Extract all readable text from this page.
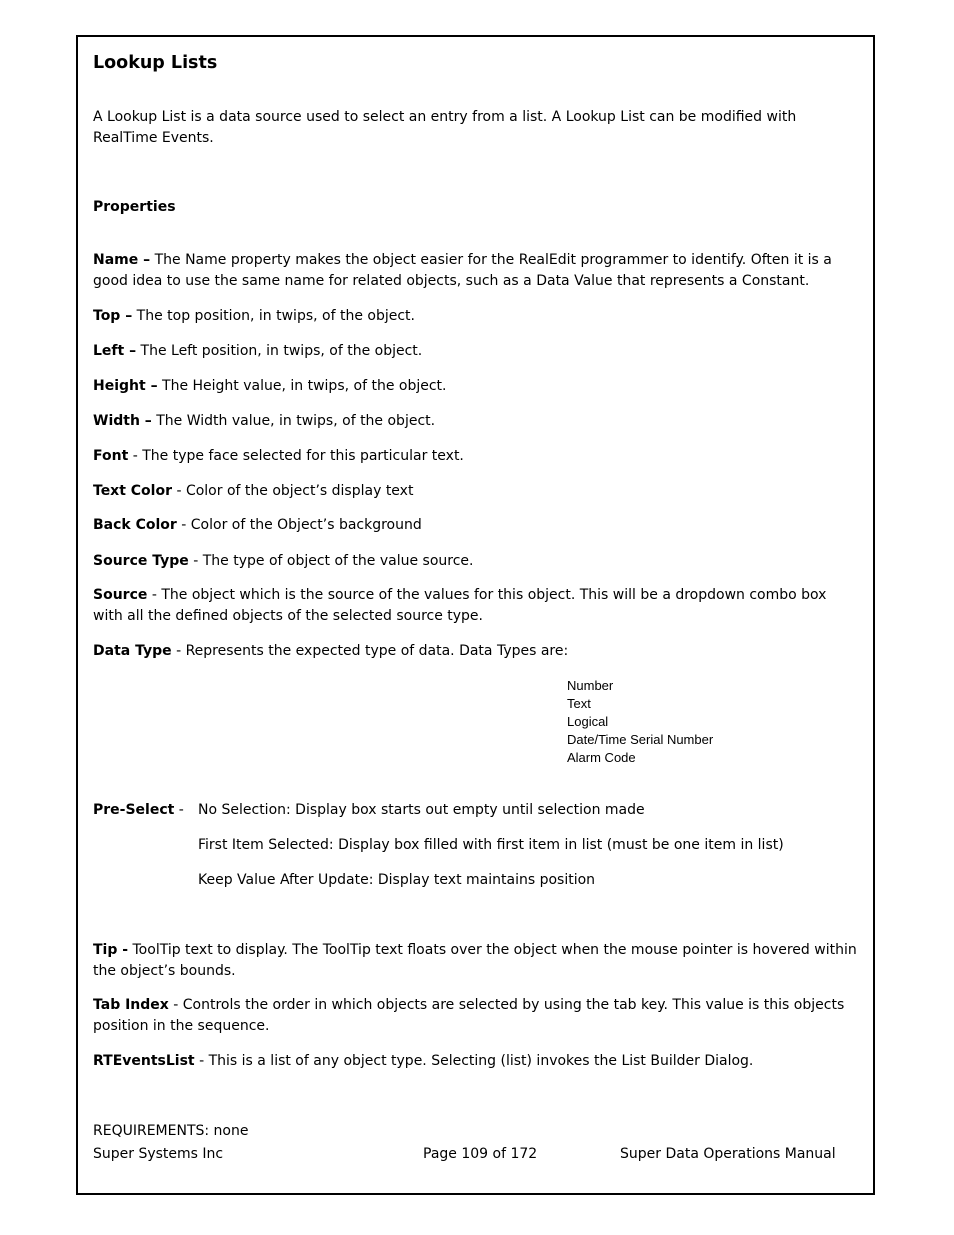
Lookup Lists
A Lookup List is a data source used to select an entry from a list. A Lookup List can be modified with RealTime Events.
Properties
Name – The Name property makes the object easier for the RealEdit programmer to identify. Often it is a good idea to use the same name for related objects, such as a Data Value that represents a Constant.
Top – The top position, in twips, of the object.
Left – The Left position, in twips, of the object.
Height – The Height value, in twips, of the object.
Width – The Width value, in twips, of the object.
Font - The type face selected for this particular text.
Text Color - Color of the object’s display text
Back Color - Color of the Object’s background
Source Type - The type of object of the value source.
Source - The object which is the source of the values for this object. This will be a dropdown combo box with all the defined objects of the selected source type.
Data Type - Represents the expected type of data. Data Types are:
Number
Text
Logical
Date/Time Serial Number
Alarm Code
Pre-Select - No Selection: Display box starts out empty until selection made
First Item Selected: Display box filled with first item in list (must be one item in list)
Keep Value After Update: Display text maintains position
Tip - ToolTip text to display. The ToolTip text floats over the object when the mouse pointer is hovered within the object’s bounds.
Tab Index - Controls the order in which objects are selected by using the tab key. This value is this objects position in the sequence.
RTEventsList - This is a list of any object type. Selecting (list) invokes the List Builder Dialog.
REQUIREMENTS: none
Super Systems Inc	Page 109 of 172	Super Data Operations Manual
